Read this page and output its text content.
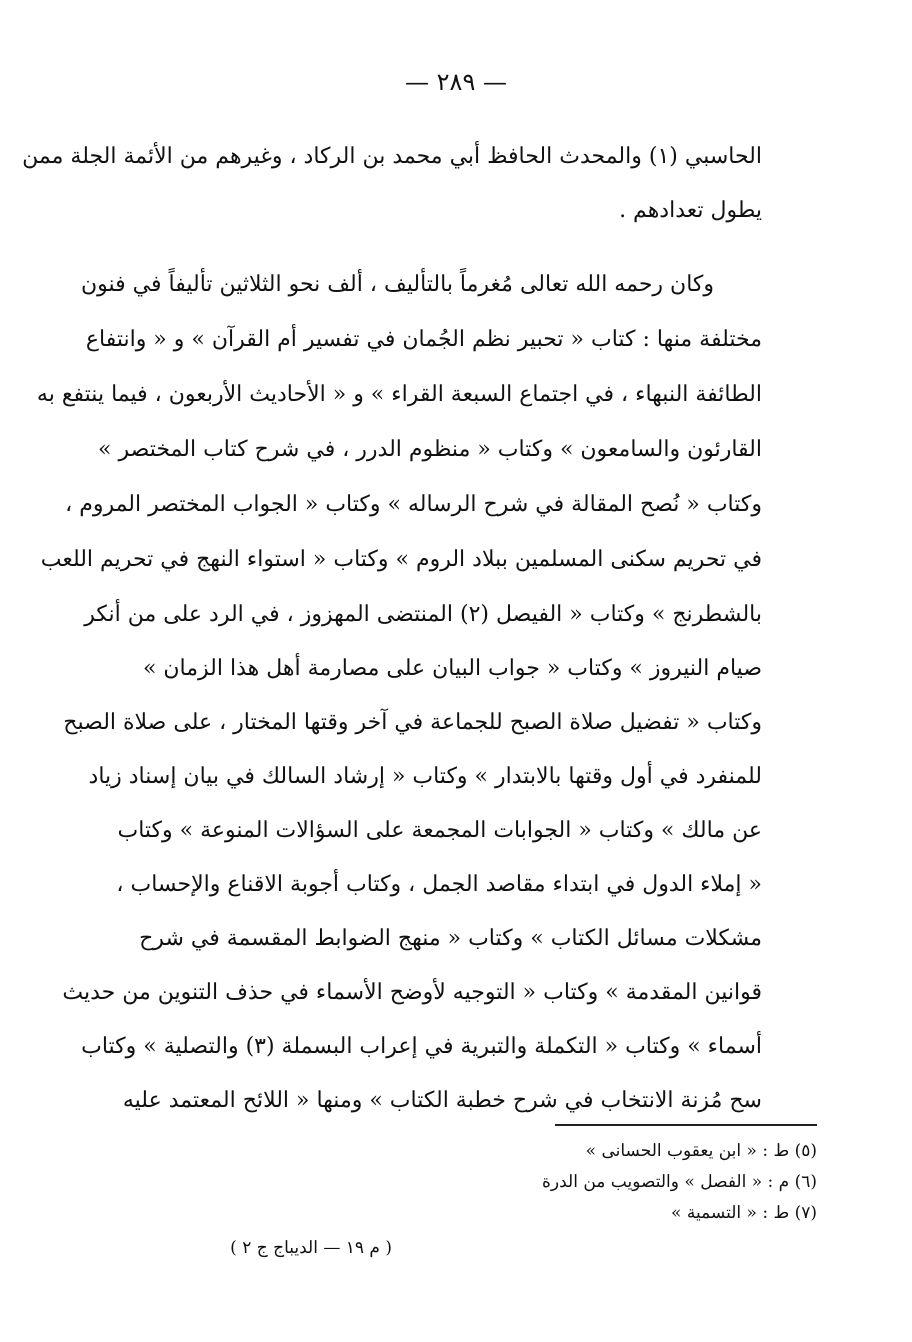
— ٢٨٩ —
الحاسبي (١) والمحدث الحافظ أبي محمد بن الركاد ، وغيرهم من الأئمة الجلة ممن
يطول تعدادهم .
وكان رحمه الله تعالى مُغرماً بالتأليف ، ألف نحو الثلاثين تأليفاً في فنون
مختلفة منها : كتاب « تحبير نظم الجُمان في تفسير أم القرآن » و « وانتفاع
الطائفة النبهاء ، في اجتماع السبعة القراء » و « الأحاديث الأربعون ، فيما ينتفع به
القارئون والسامعون » وكتاب « منظوم الدرر ، في شرح كتاب المختصر »
وكتاب « نُصح المقالة في شرح الرساله » وكتاب « الجواب المختصر المروم ،
في تحريم سكنى المسلمين ببلاد الروم » وكتاب « استواء النهج في تحريم اللعب
بالشطرنج » وكتاب « الفيصل (٢) المنتضى المهزوز ، في الرد على من أنكر
صيام النيروز » وكتاب « جواب البيان على مصارمة أهل هذا الزمان »
وكتاب « تفضيل صلاة الصبح للجماعة في آخر وقتها المختار ، على صلاة الصبح
للمنفرد في أول وقتها بالابتدار » وكتاب « إرشاد السالك في بيان إسناد زياد
عن مالك » وكتاب « الجوابات المجمعة على السؤالات المنوعة » وكتاب
« إملاء الدول في ابتداء مقاصد الجمل ، وكتاب أجوبة الاقناع والإحساب ،
مشكلات مسائل الكتاب » وكتاب « منهج الضوابط المقسمة في شرح
قوانين المقدمة » وكتاب « التوجيه لأوضح الأسماء في حذف التنوين من حديث
أسماء » وكتاب « التكملة والتبرية في إعراب البسملة (٣) والتصلية » وكتاب
سح مُزنة الانتخاب في شرح خطبة الكتاب » ومنها « اللائح المعتمد عليه
(٥) ط : « ابن يعقوب الحسانى »
(٦) م : « الفصل » والتصويب من الدرة
(٧) ط : « التسمية »
( م ١٩ — الديباج ج ٢ )
